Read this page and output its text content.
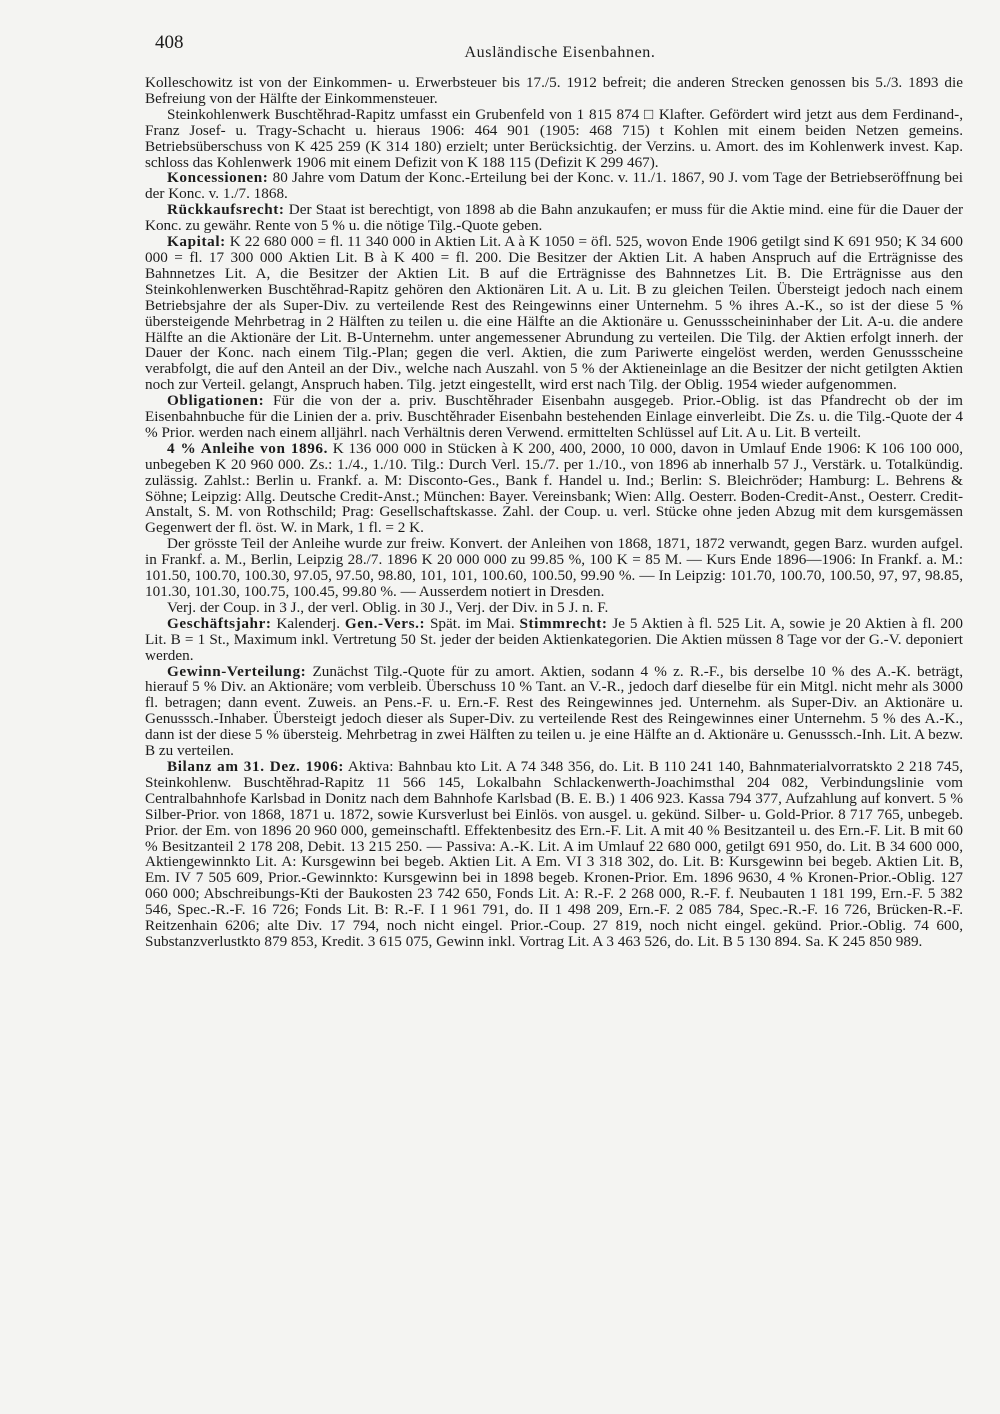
408	Ausländische Eisenbahnen.

Kolleschowitz ist von der Einkommen- u. Erwerbsteuer bis 17./5. 1912 befreit; die anderen Strecken genossen bis 5./3. 1893 die Befreiung von der Hälfte der Einkommensteuer.

Steinkohlenwerk Buschtěhrad-Rapitz umfasst ein Grubenfeld von 1 815 874 □ Klafter. Gefördert wird jetzt aus dem Ferdinand-, Franz Josef- u. Tragy-Schacht u. hieraus 1906: 464 901 (1905: 468 715) t Kohlen mit einem beiden Netzen gemeins. Betriebsüberschuss von K 425 259 (K 314 180) erzielt; unter Berücksichtig. der Verzins. u. Amort. des im Kohlenwerk invest. Kap. schloss das Kohlenwerk 1906 mit einem Defizit von K 188 115 (Defizit K 299 467).

Koncessionen: 80 Jahre vom Datum der Konc.-Erteilung bei der Konc. v. 11./1. 1867, 90 J. vom Tage der Betriebseröffnung bei der Konc. v. 1./7. 1868.

Rückkaufsrecht: Der Staat ist berechtigt, von 1898 ab die Bahn anzukaufen; er muss für die Aktie mind. eine für die Dauer der Konc. zu gewähr. Rente von 5 % u. die nötige Tilg.-Quote geben.

Kapital: K 22 680 000 = fl. 11 340 000 in Aktien Lit. A à K 1050 = öfl. 525, wovon Ende 1906 getilgt sind K 691 950; K 34 600 000 = fl. 17 300 000 Aktien Lit. B à K 400 = fl. 200. Die Besitzer der Aktien Lit. A haben Anspruch auf die Erträgnisse des Bahnnetzes Lit. A, die Besitzer der Aktien Lit. B auf die Erträgnisse des Bahnnetzes Lit. B. Die Erträgnisse aus den Steinkohlenwerken Buschtěhrad-Rapitz gehören den Aktionären Lit. A u. Lit. B zu gleichen Teilen. Übersteigt jedoch nach einem Betriebsjahre der als Super-Div. zu verteilende Rest des Reingewinns einer Unternehm. 5 % ihres A.-K., so ist der diese 5 % übersteigende Mehrbetrag in 2 Hälften zu teilen u. die eine Hälfte an die Aktionäre u. Genussscheininhaber der Lit. A-u. die andere Hälfte an die Aktionäre der Lit. B-Unternehm. unter angemessener Abrundung zu verteilen. Die Tilg. der Aktien erfolgt innerh. der Dauer der Konc. nach einem Tilg.-Plan; gegen die verl. Aktien, die zum Pariwerte eingelöst werden, werden Genussscheine verabfolgt, die auf den Anteil an der Div., welche nach Auszahl. von 5 % der Aktieneinlage an die Besitzer der nicht getilgten Aktien noch zur Verteil. gelangt, Anspruch haben. Tilg. jetzt eingestellt, wird erst nach Tilg. der Oblig. 1954 wieder aufgenommen.

Obligationen: Für die von der a. priv. Buschtěhrader Eisenbahn ausgegeb. Prior.-Oblig. ist das Pfandrecht ob der im Eisenbahnbuche für die Linien der a. priv. Buschtěhrader Eisenbahn bestehenden Einlage einverleibt. Die Zs. u. die Tilg.-Quote der 4 % Prior. werden nach einem alljährl. nach Verhältnis deren Verwend. ermittelten Schlüssel auf Lit. A u. Lit. B verteilt.

4 % Anleihe von 1896. K 136 000 000 in Stücken à K 200, 400, 2000, 10 000, davon in Umlauf Ende 1906: K 106 100 000, unbegeben K 20 960 000. Zs.: 1./4., 1./10. Tilg.: Durch Verl. 15./7. per 1./10., von 1896 ab innerhalb 57 J., Verstärk. u. Totalkündig. zulässig. Zahlst.: Berlin u. Frankf. a. M: Disconto-Ges., Bank f. Handel u. Ind.; Berlin: S. Bleichröder; Hamburg: L. Behrens & Söhne; Leipzig: Allg. Deutsche Credit-Anst.; München: Bayer. Vereinsbank; Wien: Allg. Oesterr. Boden-Credit-Anst., Oesterr. Credit-Anstalt, S. M. von Rothschild; Prag: Gesellschaftskasse. Zahl. der Coup. u. verl. Stücke ohne jeden Abzug mit dem kursgemässen Gegenwert der fl. öst. W. in Mark, 1 fl. = 2 K.

Der grösste Teil der Anleihe wurde zur freiw. Konvert. der Anleihen von 1868, 1871, 1872 verwandt, gegen Barz. wurden aufgel. in Frankf. a. M., Berlin, Leipzig 28./7. 1896 K 20 000 000 zu 99.85 %, 100 K = 85 M. — Kurs Ende 1896—1906: In Frankf. a. M.: 101.50, 100.70, 100.30, 97.05, 97.50, 98.80, 101, 101, 100.60, 100.50, 99.90 %. — In Leipzig: 101.70, 100.70, 100.50, 97, 97, 98.85, 101.30, 101.30, 100.75, 100.45, 99.80 %. — Ausserdem notiert in Dresden.

Verj. der Coup. in 3 J., der verl. Oblig. in 30 J., Verj. der Div. in 5 J. n. F.

Geschäftsjahr: Kalenderj. Gen.-Vers.: Spät. im Mai. Stimmrecht: Je 5 Aktien à fl. 525 Lit. A, sowie je 20 Aktien à fl. 200 Lit. B = 1 St., Maximum inkl. Vertretung 50 St. jeder der beiden Aktienkategorien. Die Aktien müssen 8 Tage vor der G.-V. deponiert werden.

Gewinn-Verteilung: Zunächst Tilg.-Quote für zu amort. Aktien, sodann 4 % z. R.-F., bis derselbe 10 % des A.-K. beträgt, hierauf 5 % Div. an Aktionäre; vom verbleib. Überschuss 10 % Tant. an V.-R., jedoch darf dieselbe für ein Mitgl. nicht mehr als 3000 fl. betragen; dann event. Zuweis. an Pens.-F. u. Ern.-F. Rest des Reingewinnes jed. Unternehm. als Super-Div. an Aktionäre u. Genusssch.-Inhaber. Übersteigt jedoch dieser als Super-Div. zu verteilende Rest des Reingewinnes einer Unternehm. 5 % des A.-K., dann ist der diese 5 % übersteig. Mehrbetrag in zwei Hälften zu teilen u. je eine Hälfte an d. Aktionäre u. Genusssch.-Inh. Lit. A bezw. B zu verteilen.

Bilanz am 31. Dez. 1906: Aktiva: Bahnbau kto Lit. A 74 348 356, do. Lit. B 110 241 140, Bahnmaterialvorratskto 2 218 745, Steinkohlenw. Buschtěhrad-Rapitz 11 566 145, Lokalbahn Schlackenwerth-Joachimsthal 204 082, Verbindungslinie vom Centralbahnhofe Karlsbad in Donitz nach dem Bahnhofe Karlsbad (B. E. B.) 1 406 923. Kassa 794 377, Aufzahlung auf konvert. 5 % Silber-Prior. von 1868, 1871 u. 1872, sowie Kursverlust bei Einlös. von ausgel. u. gekünd. Silber- u. Gold-Prior. 8 717 765, unbegeb. Prior. der Em. von 1896 20 960 000, gemeinschaftl. Effektenbesitz des Ern.-F. Lit. A mit 40 % Besitzanteil u. des Ern.-F. Lit. B mit 60 % Besitzanteil 2 178 208, Debit. 13 215 250. — Passiva: A.-K. Lit. A im Umlauf 22 680 000, getilgt 691 950, do. Lit. B 34 600 000, Aktiengewinnkto Lit. A: Kursgewinn bei begeb. Aktien Lit. A Em. VI 3 318 302, do. Lit. B: Kursgewinn bei begeb. Aktien Lit. B, Em. IV 7 505 609, Prior.-Gewinnkto: Kursgewinn bei in 1898 begeb. Kronen-Prior. Em. 1896 9630, 4 % Kronen-Prior.-Oblig. 127 060 000; Abschreibungs-Kti der Baukosten 23 742 650, Fonds Lit. A: R.-F. 2 268 000, R.-F. f. Neubauten 1 181 199, Ern.-F. 5 382 546, Spec.-R.-F. 16 726; Fonds Lit. B: R.-F. I 1 961 791, do. II 1 498 209, Ern.-F. 2 085 784, Spec.-R.-F. 16 726, Brücken-R.-F. Reitzenhain 6206; alte Div. 17 794, noch nicht eingel. Prior.-Coup. 27 819, noch nicht eingel. gekünd. Prior.-Oblig. 74 600, Substanzverlustkto 879 853, Kredit. 3 615 075, Gewinn inkl. Vortrag Lit. A 3 463 526, do. Lit. B 5 130 894. Sa. K 245 850 989.
